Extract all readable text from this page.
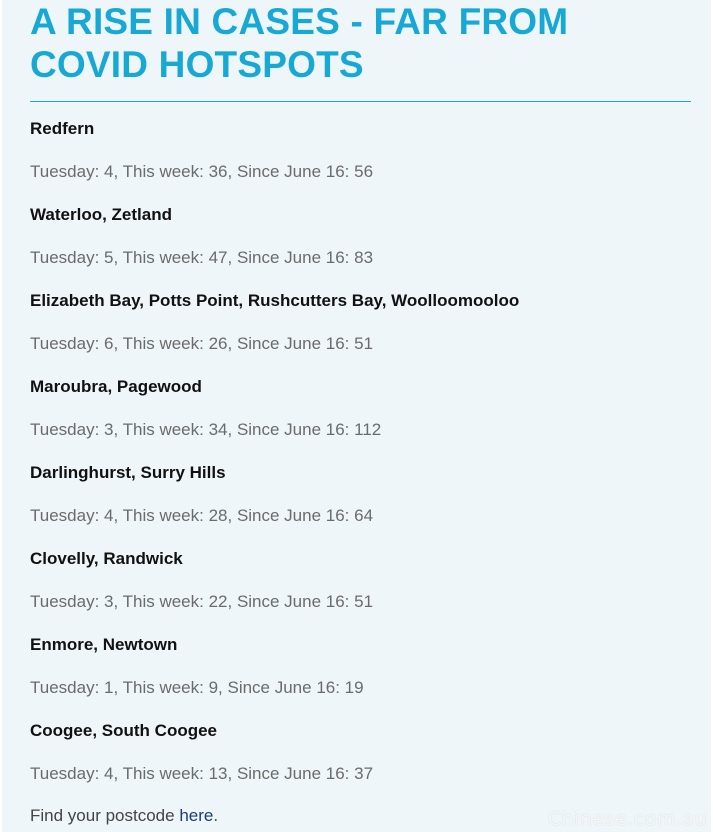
A RISE IN CASES - FAR FROM COVID HOTSPOTS
Redfern
Tuesday: 4, This week: 36, Since June 16: 56
Waterloo, Zetland
Tuesday: 5, This week: 47, Since June 16: 83
Elizabeth Bay, Potts Point, Rushcutters Bay, Woolloomooloo
Tuesday: 6, This week: 26, Since June 16: 51
Maroubra, Pagewood
Tuesday: 3, This week: 34, Since June 16: 112
Darlinghurst, Surry Hills
Tuesday: 4, This week: 28, Since June 16: 64
Clovelly, Randwick
Tuesday: 3, This week: 22, Since June 16: 51
Enmore, Newtown
Tuesday: 1, This week: 9, Since June 16: 19
Coogee, South Coogee
Tuesday: 4, This week: 13, Since June 16: 37
Find your postcode here.	Chinese.com.au
